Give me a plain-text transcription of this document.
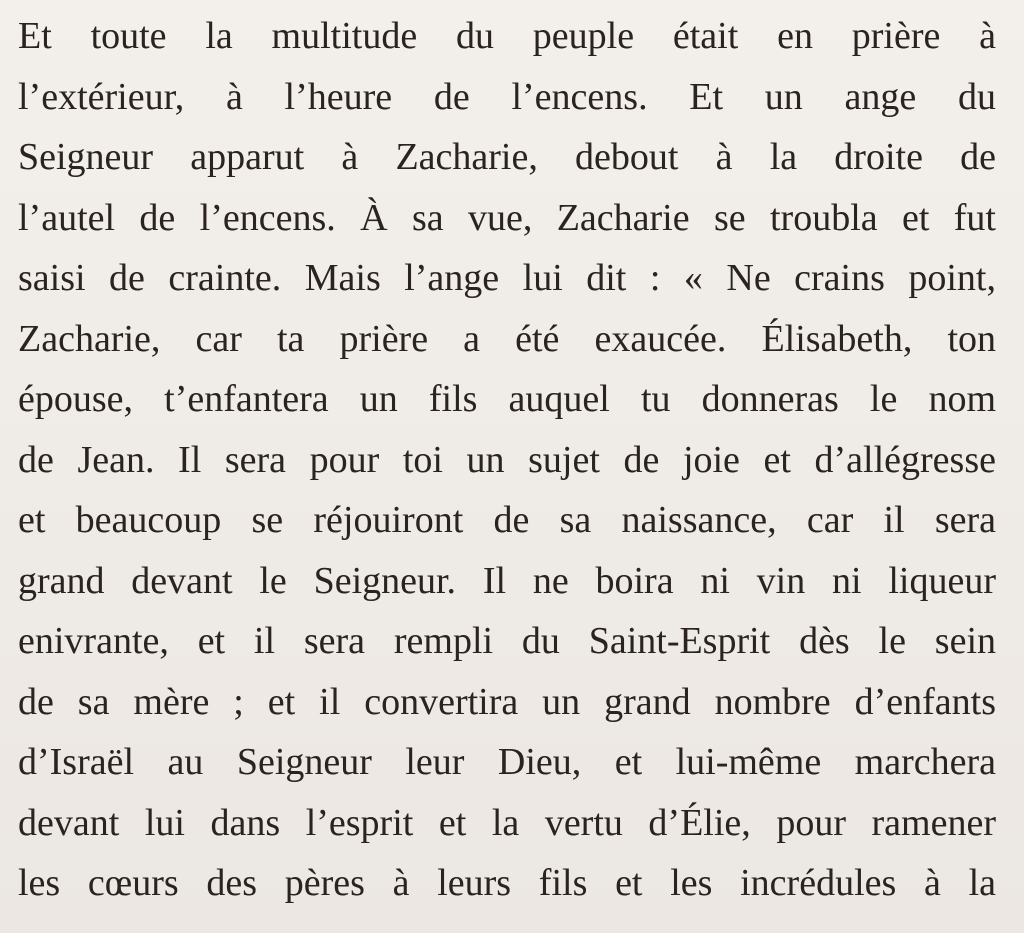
Et toute la multitude du peuple était en prière à
l’extérieur, à l’heure de l’encens. Et un ange du
Seigneur apparut à Zacharie, debout à la droite de
l’autel de l’encens. À sa vue, Zacharie se troubla et fut
saisi de crainte. Mais l’ange lui dit : « Ne crains point,
Zacharie, car ta prière a été exaucée. Élisabeth, ton
épouse, t’enfantera un fils auquel tu donneras le nom
de Jean. Il sera pour toi un sujet de joie et d’allégresse
et beaucoup se réjouiront de sa naissance, car il sera
grand devant le Seigneur. Il ne boira ni vin ni liqueur
enivrante, et il sera rempli du Saint-Esprit dès le sein
de sa mère ; et il convertira un grand nombre d’enfants
d’Israël au Seigneur leur Dieu, et lui-même marchera
devant lui dans l’esprit et la vertu d’Élie, pour ramener
les cœurs des pères à leurs fils et les incrédules à la
